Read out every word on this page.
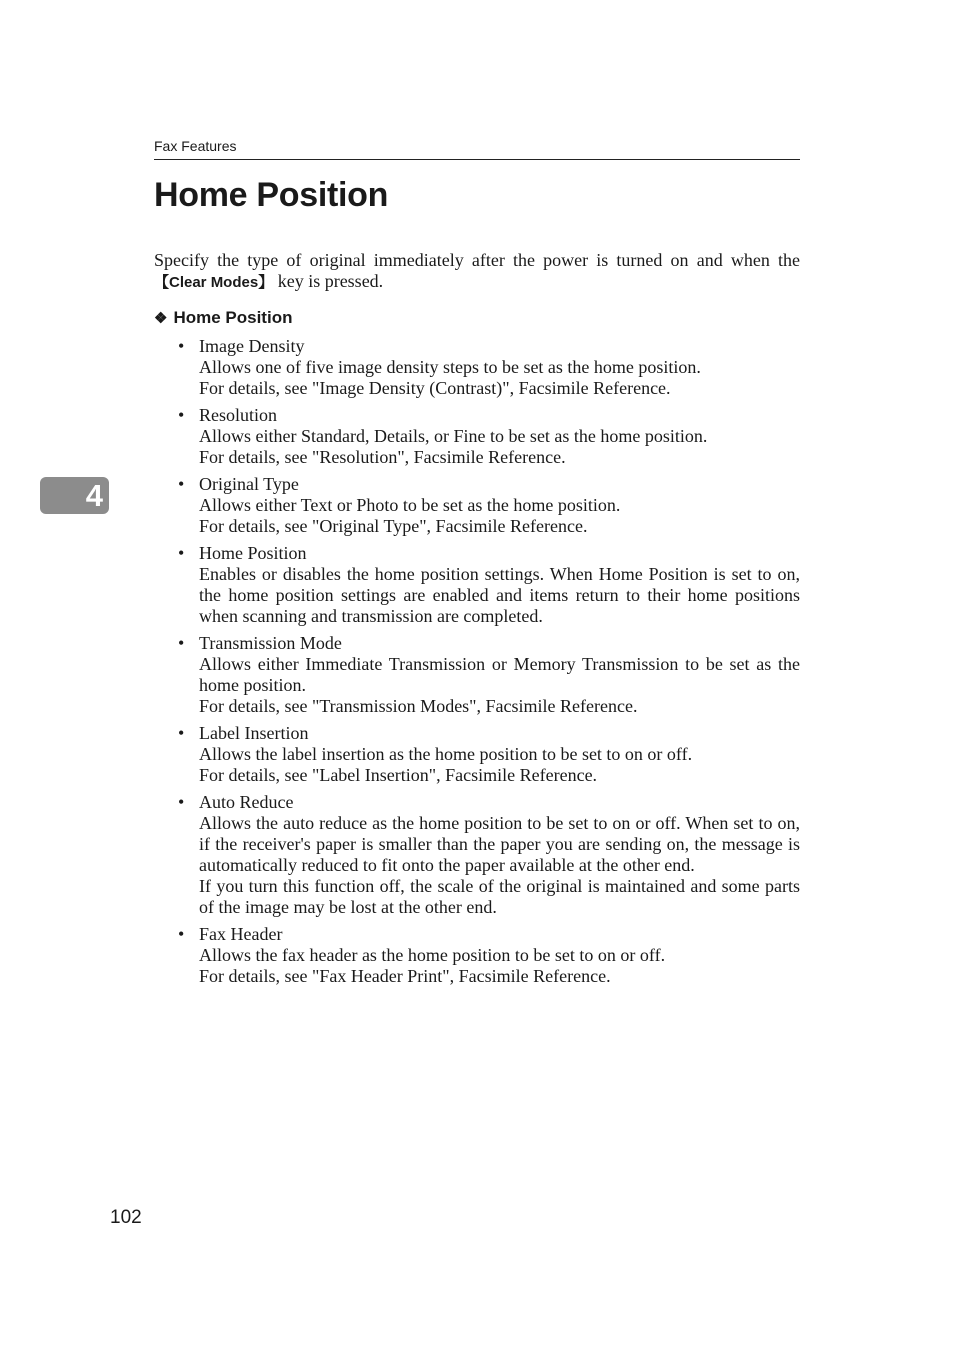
Fax Features
Home Position

Specify the type of original immediately after the power is turned on and when the 【Clear Modes】 key is pressed.

❖ Home Position
• Image Density
Allows one of five image density steps to be set as the home position.
For details, see "Image Density (Contrast)", Facsimile Reference.
• Resolution
Allows either Standard, Details, or Fine to be set as the home position.
For details, see "Resolution", Facsimile Reference.
• Original Type
Allows either Text or Photo to be set as the home position.
For details, see "Original Type", Facsimile Reference.
• Home Position
Enables or disables the home position settings. When Home Position is set to on, the home position settings are enabled and items return to their home positions when scanning and transmission are completed.
• Transmission Mode
Allows either Immediate Transmission or Memory Transmission to be set as the home position.
For details, see "Transmission Modes", Facsimile Reference.
• Label Insertion
Allows the label insertion as the home position to be set to on or off.
For details, see "Label Insertion", Facsimile Reference.
• Auto Reduce
Allows the auto reduce as the home position to be set to on or off. When set to on, if the receiver's paper is smaller than the paper you are sending on, the message is automatically reduced to fit onto the paper available at the other end.
If you turn this function off, the scale of the original is maintained and some parts of the image may be lost at the other end.
• Fax Header
Allows the fax header as the home position to be set to on or off.
For details, see "Fax Header Print", Facsimile Reference.
4
102
